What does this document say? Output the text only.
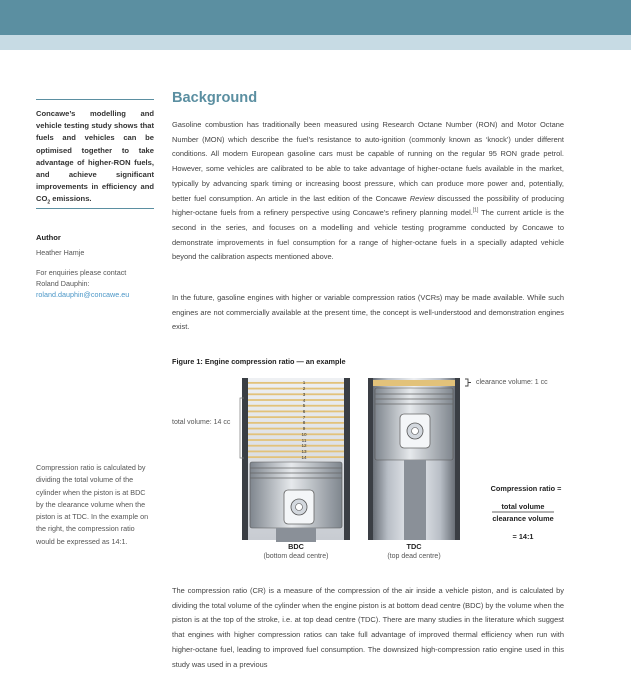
Concawe’s modelling and vehicle testing study shows that fuels and vehicles can be optimised together to take advantage of higher-RON fuels, and achieve significant improvements in efficiency and $CO_2$ emissions.
Author
Heather Hamje
For enquiries please contact
Roland Dauphin:
roland.dauphin@concawe.eu
Compression ratio is calculated by dividing the total volume of the cylinder when the piston is at BDC by the clearance volume when the piston is at TDC. In the example on the right, the compression ratio would be expressed as 14:1.
Background
Gasoline combustion has traditionally been measured using Research Octane Number (RON) and Motor Octane Number (MON) which describe the fuel’s resistance to auto-ignition (commonly known as ‘knock’) under different conditions. All modern European gasoline cars must be capable of running on the regular 95 RON grade petrol. However, some vehicles are calibrated to be able to take advantage of higher-octane fuels available in the market, typically by advancing spark timing or increasing boost pressure, which can produce more power and, potentially, better fuel consumption. An article in the last edition of the Concawe Review discussed the possibility of producing higher-octane fuels from a refinery perspective using Concawe’s refinery planning model.[1] The current article is the second in the series, and focuses on a modelling and vehicle testing programme conducted by Concawe to demonstrate improvements in fuel consumption for a range of higher-octane fuels in a specially adapted vehicle beyond the calibration aspects mentioned above.
In the future, gasoline engines with higher or variable compression ratios (VCRs) may be made available. While such engines are not commercially available at the present time, the concept is well-understood and demonstration engines exist.
Figure 1: Engine compression ratio — an example
1
2
3
4
5
6
7
8
9
10
11
12
13
14
total volume: 14 cc
clearance volume: 1 cc
BDC
(bottom dead centre)
TDC
(top dead centre)
Compression ratio =
total volume
clearance volume
= 14:1
The compression ratio (CR) is a measure of the compression of the air inside a vehicle piston, and is calculated by dividing the total volume of the cylinder when the engine piston is at bottom dead centre (BDC) by the volume when the piston is at the top of the stroke, i.e. at top dead centre (TDC). There are many studies in the literature which suggest that engines with higher compression ratios can take full advantage of improved thermal efficiency when run with higher-octane fuel, leading to improved fuel consumption. The downsized high-compression ratio engine used in this study was used in a previous
